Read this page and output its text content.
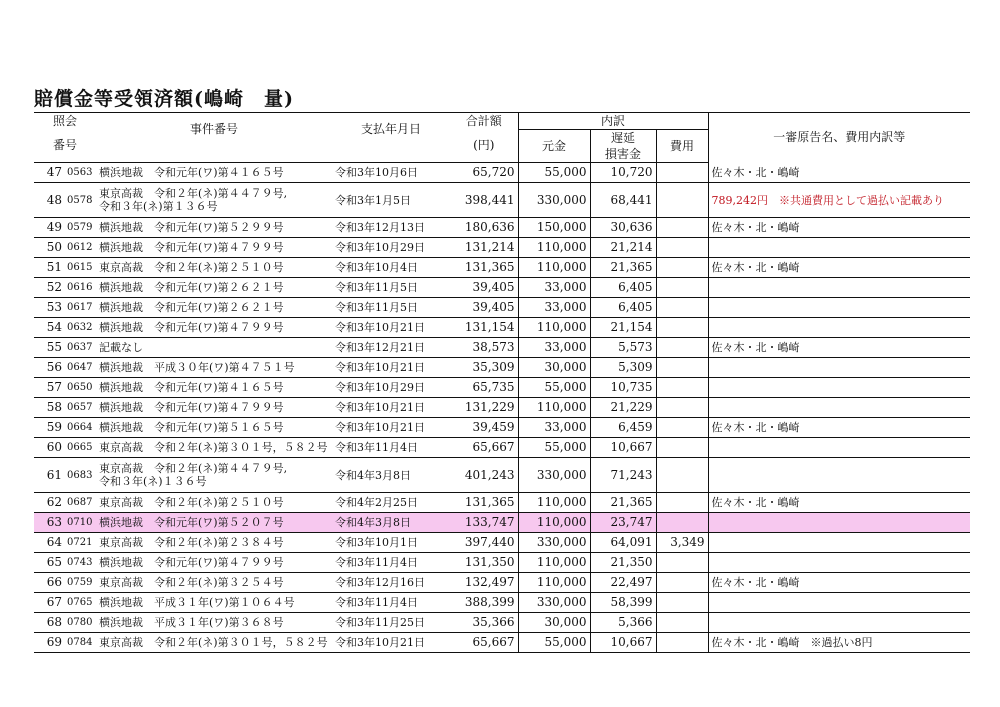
賠償金等受領済額(嶋崎　量)
照会		事件番号	支払年月日	合計額	内訳			一審原告名、費用内訳等	
番号				(円)	元金	遅延	費用		
						損害金			
47	0563	横浜地裁　 令和元年(ワ)第４１６５号	令和3年10月6日	65,720	55,000	10,720		佐々木・北・嶋崎	
48	0578	東京高裁　 令和２年(ネ)第４４７９号,
令和３年(ネ)第１３６号	令和3年1月5日	398,441	330,000	68,441		789,242円　※共通費用として過払い記載あり	
49	0579	横浜地裁　 令和元年(ワ)第５２９９号	令和3年12月13日	180,636	150,000	30,636		佐々木・北・嶋崎	
50	0612	横浜地裁　 令和元年(ワ)第４７９９号	令和3年10月29日	131,214	110,000	21,214			
51	0615	東京高裁　 令和２年(ネ)第２５１０号	令和3年10月4日	131,365	110,000	21,365		佐々木・北・嶋崎	
52	0616	横浜地裁　 令和元年(ワ)第２６２１号	令和3年11月5日	39,405	33,000	6,405			
53	0617	横浜地裁　 令和元年(ワ)第２６２１号	令和3年11月5日	39,405	33,000	6,405			
54	0632	横浜地裁　 令和元年(ワ)第４７９９号	令和3年10月21日	131,154	110,000	21,154			
55	0637	記載なし　	令和3年12月21日	38,573	33,000	5,573		佐々木・北・嶋崎	
56	0647	横浜地裁　 平成３０年(ワ)第４７５１号	令和3年10月21日	35,309	30,000	5,309			
57	0650	横浜地裁　 令和元年(ワ)第４１６５号	令和3年10月29日	65,735	55,000	10,735			
58	0657	横浜地裁　 令和元年(ワ)第４７９９号	令和3年10月21日	131,229	110,000	21,229			
59	0664	横浜地裁　 令和元年(ワ)第５１６５号	令和3年10月21日	39,459	33,000	6,459		佐々木・北・嶋崎	
60	0665	東京高裁　 令和２年(ネ)第３０１号，５８２号	令和3年11月4日	65,667	55,000	10,667			
61	0683	東京高裁　 令和２年(ネ)第４４７９号,
令和３年(ネ)１３６号	令和4年3月8日	401,243	330,000	71,243			
62	0687	東京高裁　 令和２年(ネ)第２５１０号	令和4年2月25日	131,365	110,000	21,365		佐々木・北・嶋崎	
63	0710	横浜地裁　 令和元年(ワ)第５２０７号	令和4年3月8日	133,747	110,000	23,747			
64	0721	東京高裁　 令和２年(ネ)第２３８４号	令和3年10月1日	397,440	330,000	64,091	3,349		
65	0743	横浜地裁　 令和元年(ワ)第４７９９号	令和3年11月4日	131,350	110,000	21,350			
66	0759	東京高裁　 令和２年(ネ)第３２５４号	令和3年12月16日	132,497	110,000	22,497		佐々木・北・嶋崎	
67	0765	横浜地裁　 平成３１年(ワ)第１０６４号	令和3年11月4日	388,399	330,000	58,399			
68	0780	横浜地裁　 平成３１年(ワ)第３６８号	令和3年11月25日	35,366	30,000	5,366			
69	0784	東京高裁　 令和２年(ネ)第３０１号，５８２号	令和3年10月21日	65,667	55,000	10,667		佐々木・北・嶋崎　※過払い8円	
